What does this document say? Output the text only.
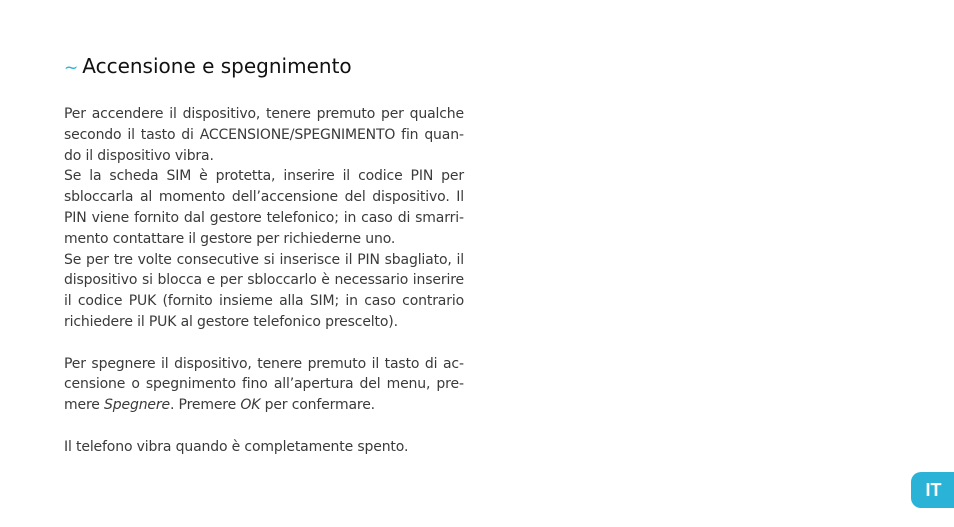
~ Accensione e spegnimento

Per accendere il dispositivo, tenere premuto per qualche secondo il tasto di ACCENSIONE/SPEGNIMENTO fin quando il dispositivo vibra.

Se la scheda SIM è protetta, inserire il codice PIN per sbloccarla al momento dell’accensione del dispositivo. Il PIN viene fornito dal gestore telefonico; in caso di smarrimento contattare il gestore per richiederne uno.

Se per tre volte consecutive si inserisce il PIN sbagliato, il dispositivo si blocca e per sbloccarlo è necessario inserire il codice PUK (fornito insieme alla SIM; in caso contrario richiedere il PUK al gestore telefonico prescelto).

Per spegnere il dispositivo, tenere premuto il tasto di accensione o spegnimento fino all’apertura del menu, premere Spegnere. Premere OK per confermare.

Il telefono vibra quando è completamente spento.

IT
